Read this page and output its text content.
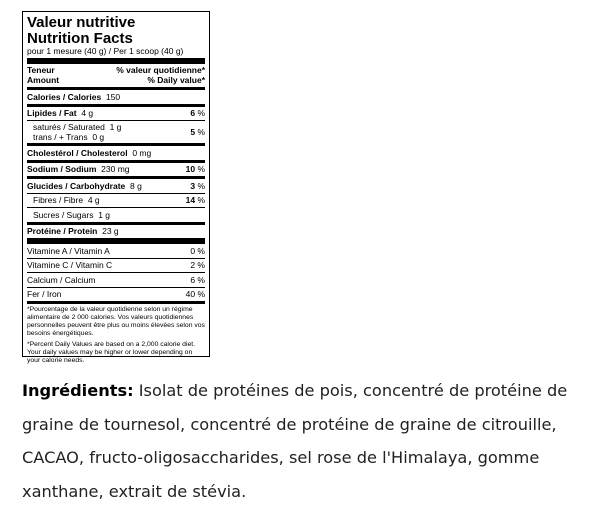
Valeur nutritive
Nutrition Facts
pour 1 mesure (40 g) / Per 1 scoop (40 g)
Teneur
Amount
% valeur quotidienne*
% Daily value*
Calories / Calories 150
Lipides / Fat 4 g	6 %
saturés / Saturated 1 g
trans / + Trans 0 g	5 %
Cholestérol / Cholesterol 0 mg
Sodium / Sodium 230 mg	10 %
Glucides / Carbohydrate 8 g	3 %
Fibres / Fibre 4 g	14 %
Sucres / Sugars 1 g
Protéine / Protein 23 g
Vitamine A / Vitamin A	0 %
Vitamine C / Vitamin C	2 %
Calcium / Calcium	6 %
Fer / Iron	40 %

*Pourcentage de la valeur quotidienne selon un régime alimentaire de 2 000 calories. Vos valeurs quotidiennes personnelles peuvent être plus ou moins élevées selon vos besoins énergétiques.

*Percent Daily Values are based on a 2,000 calorie diet. Your daily values may be higher or lower depending on your calorie needs.

Ingrédients: Isolat de protéines de pois, concentré de protéine de graine de tournesol, concentré de protéine de graine de citrouille, CACAO, fructo-oligosaccharides, sel rose de l'Himalaya, gomme xanthane, extrait de stévia.
